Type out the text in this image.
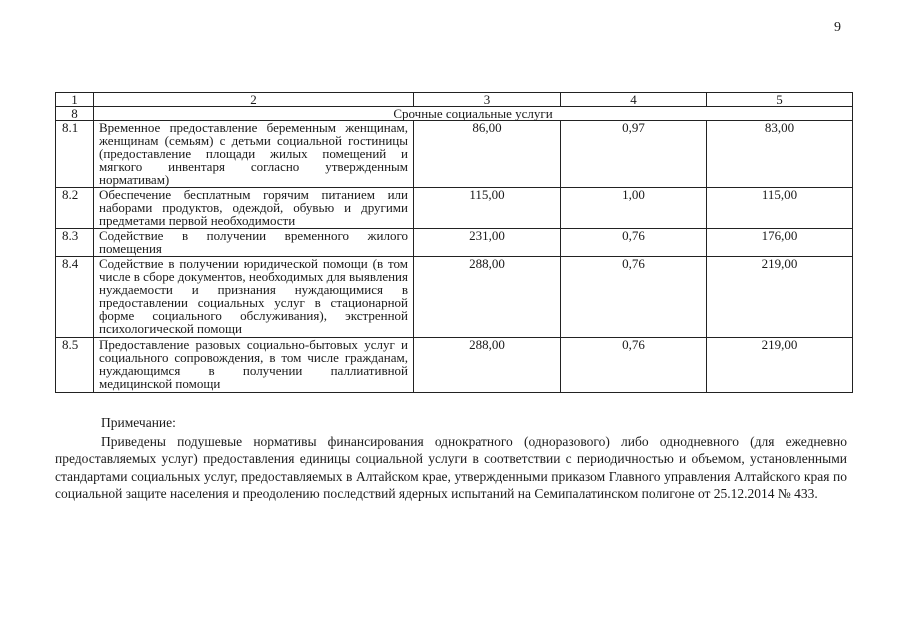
9
1	2	3	4	5
8	Срочные социальные услуги			
8.1	Временное предоставление беременным женщинам, женщинам (семьям) с детьми социальной гостиницы (предоставление площади жилых помещений и мягкого инвентаря согласно утвержденным нормативам)	86,00	0,97	83,00
8.2	Обеспечение бесплатным горячим питанием или наборами продуктов, одеждой, обувью и другими предметами первой необходимости	115,00	1,00	115,00
8.3	Содействие в получении временного жилого помещения	231,00	0,76	176,00
8.4	Содействие в получении юридической помощи (в том числе в сборе документов, необходимых для выявления нуждаемости и признания нуждающимися в предоставлении социальных услуг в стационарной форме социального обслуживания), экстренной психологической помощи	288,00	0,76	219,00
8.5	Предоставление разовых социально-бытовых услуг и социального сопровождения, в том числе гражданам, нуждающимся в получении паллиативной медицинской помощи	288,00	0,76	219,00
Примечание:

Приведены подушевые нормативы финансирования однократного (одноразового) либо однодневного (для ежедневно предоставляемых услуг) предоставления единицы социальной услуги в соответствии с периодичностью и объемом, установленными стандартами социальных услуг, предоставляемых в Алтайском крае, утвержденными приказом Главного управления Алтайского края по социальной защите населения и преодолению последствий ядерных испытаний на Семипалатинском полигоне от 25.12.2014 № 433.
